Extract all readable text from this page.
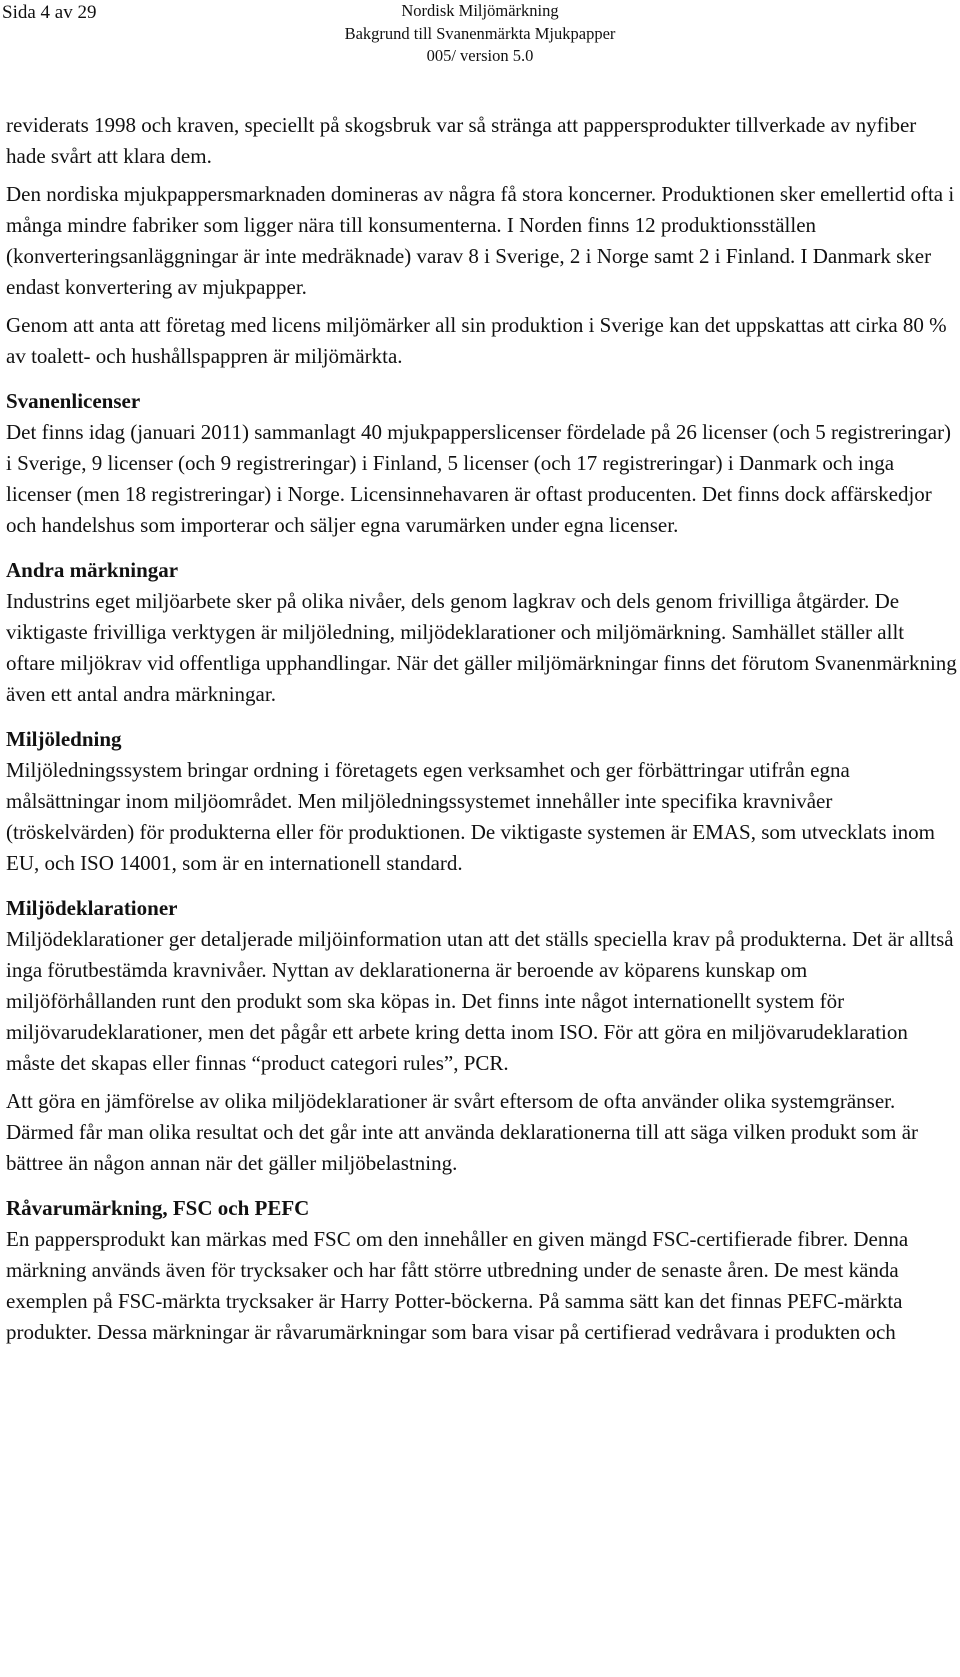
Sida 4 av 29	Nordisk Miljömärkning
Bakgrund till Svanenmärkta Mjukpapper
005/ version 5.0

reviderats 1998 och kraven, speciellt på skogsbruk var så stränga att pappersprodukter tillverkade av nyfiber hade svårt att klara dem.

Den nordiska mjukpappersmarknaden domineras av några få stora koncerner. Produktionen sker emellertid ofta i många mindre fabriker som ligger nära till konsumenterna. I Norden finns 12 produktionsställen (konverteringsanläggningar är inte medräknade) varav 8 i Sverige, 2 i Norge samt 2 i Finland. I Danmark sker endast konvertering av mjukpapper.

Genom att anta att företag med licens miljömärker all sin produktion i Sverige kan det uppskattas att cirka 80 % av toalett- och hushållspappren är miljömärkta.

Svanenlicenser

Det finns idag (januari 2011) sammanlagt 40 mjukpapperslicenser fördelade på 26 licenser (och 5 registreringar) i Sverige, 9 licenser (och 9 registreringar) i Finland, 5 licenser (och 17 registreringar) i Danmark och inga licenser (men 18 registreringar) i Norge. Licensinnehavaren är oftast producenten. Det finns dock affärskedjor och handelshus som importerar och säljer egna varumärken under egna licenser.

Andra märkningar

Industrins eget miljöarbete sker på olika nivåer, dels genom lagkrav och dels genom frivilliga åtgärder. De viktigaste frivilliga verktygen är miljöledning, miljödeklarationer och miljömärkning. Samhället ställer allt oftare miljökrav vid offentliga upphandlingar. När det gäller miljömärkningar finns det förutom Svanenmärkning även ett antal andra märkningar.

Miljöledning

Miljöledningssystem bringar ordning i företagets egen verksamhet och ger förbättringar utifrån egna målsättningar inom miljöområdet. Men miljöledningssystemet innehåller inte specifika kravnivåer (tröskelvärden) för produkterna eller för produktionen. De viktigaste systemen är EMAS, som utvecklats inom EU, och ISO 14001, som är en internationell standard.

Miljödeklarationer

Miljödeklarationer ger detaljerade miljöinformation utan att det ställs speciella krav på produkterna. Det är alltså inga förutbestämda kravnivåer. Nyttan av deklarationerna är beroende av köparens kunskap om miljöförhållanden runt den produkt som ska köpas in. Det finns inte något internationellt system för miljövarudeklarationer, men det pågår ett arbete kring detta inom ISO. För att göra en miljövarudeklaration måste det skapas eller finnas “product categori rules”, PCR.

Att göra en jämförelse av olika miljödeklarationer är svårt eftersom de ofta använder olika systemgränser. Därmed får man olika resultat och det går inte att använda deklarationerna till att säga vilken produkt som är bättree än någon annan när det gäller miljöbelastning.

Råvarumärkning, FSC och PEFC

En pappersprodukt kan märkas med FSC om den innehåller en given mängd FSC-certifierade fibrer. Denna märkning används även för trycksaker och har fått större utbredning under de senaste åren. De mest kända exemplen på FSC-märkta trycksaker är Harry Potter-böckerna. På samma sätt kan det finnas PEFC-märkta produkter. Dessa märkningar är råvarumärkningar som bara visar på certifierad vedråvara i produkten och
